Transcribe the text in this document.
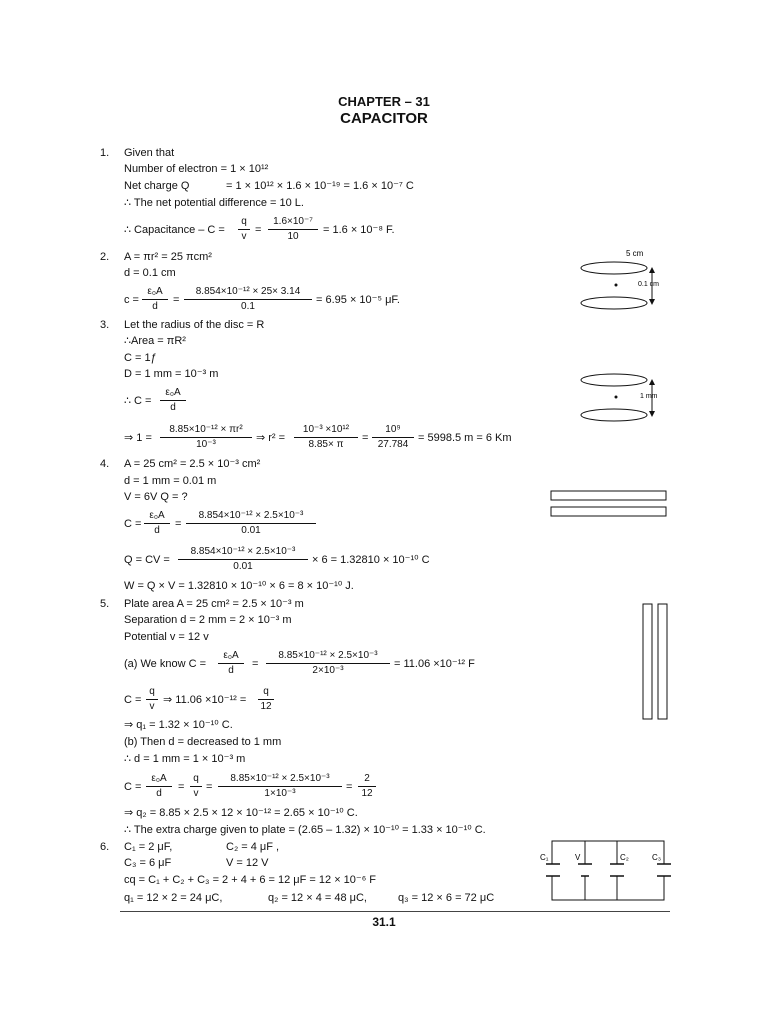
CHAPTER – 31
CAPACITOR
1. Given that
Number of electron = 1 × 10¹²
Net charge Q	= 1 × 10¹² × 1.6 × 10⁻¹⁹ = 1.6 × 10⁻⁷ C
∴ The net potential difference = 10 L.
∴ Capacitance – C =
q
v
=
1.6×10⁻⁷
10
= 1.6 × 10⁻⁸ F.
2. A = πr² = 25 πcm²
d = 0.1 cm
c =
ε₀A
d
=
8.854×10⁻¹² × 25× 3.14
0.1
= 6.95 × 10⁻⁵ μF.
5 cm
0.1 cm
3. Let the radius of the disc = R
∴Area = πR²
C = 1ƒ
D = 1 mm = 10⁻³ m
∴ C =
ε₀A
d
⇒ 1 =
8.85×10⁻¹² × πr²
10⁻³
⇒ r² =
10⁻³ ×10¹²
8.85× π
=
10⁹
27.784
= 5998.5 m = 6 Km
1 mm
4. A = 25 cm² = 2.5 × 10⁻³ cm²
d = 1 mm = 0.01 m
V = 6V Q = ?
C =
ε₀A
d
=
8.854×10⁻¹² × 2.5×10⁻³
0.01
Q = CV =
8.854×10⁻¹² × 2.5×10⁻³
0.01
× 6 = 1.32810 × 10⁻¹⁰ C
W = Q × V = 1.32810 × 10⁻¹⁰ × 6 = 8 × 10⁻¹⁰ J.
5. Plate area A = 25 cm² = 2.5 × 10⁻³ m
Separation d = 2 mm = 2 × 10⁻³ m
Potential v = 12 v
(a) We know C =
ε₀A
d
=
8.85×10⁻¹² × 2.5×10⁻³
2×10⁻³
= 11.06 ×10⁻¹² F
C =
q
v
⇒ 11.06 ×10⁻¹² =
q
12
⇒ q₁ = 1.32 × 10⁻¹⁰ C.
(b) Then d = decreased to 1 mm
∴ d = 1 mm = 1 × 10⁻³ m
C =
ε₀A
d
=
q
v
=
8.85×10⁻¹² × 2.5×10⁻³
1×10⁻³
=
2
12
⇒ q₂ = 8.85 × 2.5 × 12 × 10⁻¹² = 2.65 × 10⁻¹⁰ C.
∴ The extra charge given to plate = (2.65 – 1.32) × 10⁻¹⁰ = 1.33 × 10⁻¹⁰ C.
6. C₁ = 2 μF,	C₂ = 4 μF ,
C₃ = 6 μF	V = 12 V
cq = C₁ + C₂ + C₃ = 2 + 4 + 6 = 12 μF = 12 × 10⁻⁶ F
q₁ = 12 × 2 = 24 μC,	q₂ = 12 × 4 = 48 μC,	q₃ = 12 × 6 = 72 μC
C₁	V	C₂	C₃
31.1
